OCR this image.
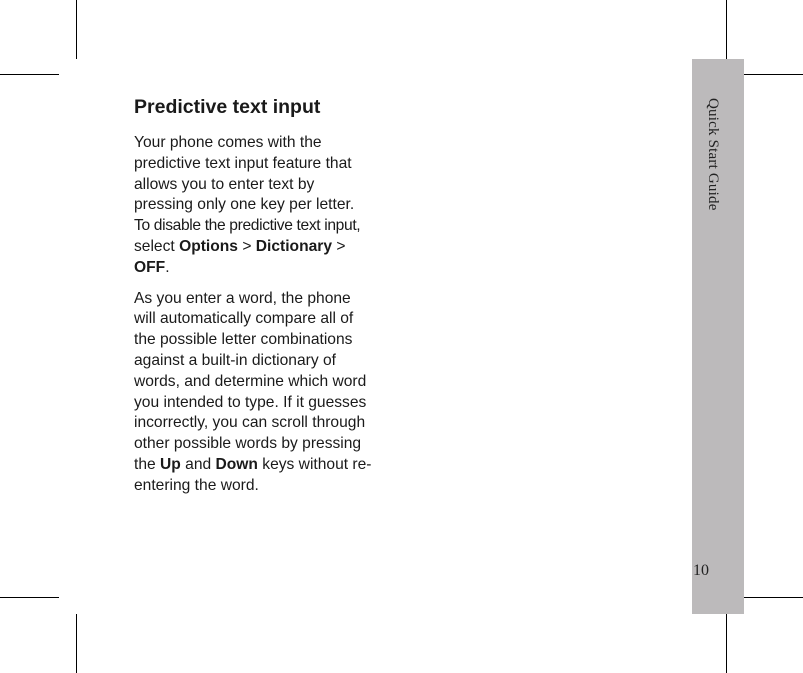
Quick Start Guide
10
Predictive text input

Your phone comes with the
predictive text input feature that
allows you to enter text by
pressing only one key per letter.
To disable the predictive text input,
select Options > Dictionary >
OFF.

As you enter a word, the phone
will automatically compare all of
the possible letter combinations
against a built-in dictionary of
words, and determine which word
you intended to type. If it guesses
incorrectly, you can scroll through
other possible words by pressing
the Up and Down keys without re-
entering the word.
